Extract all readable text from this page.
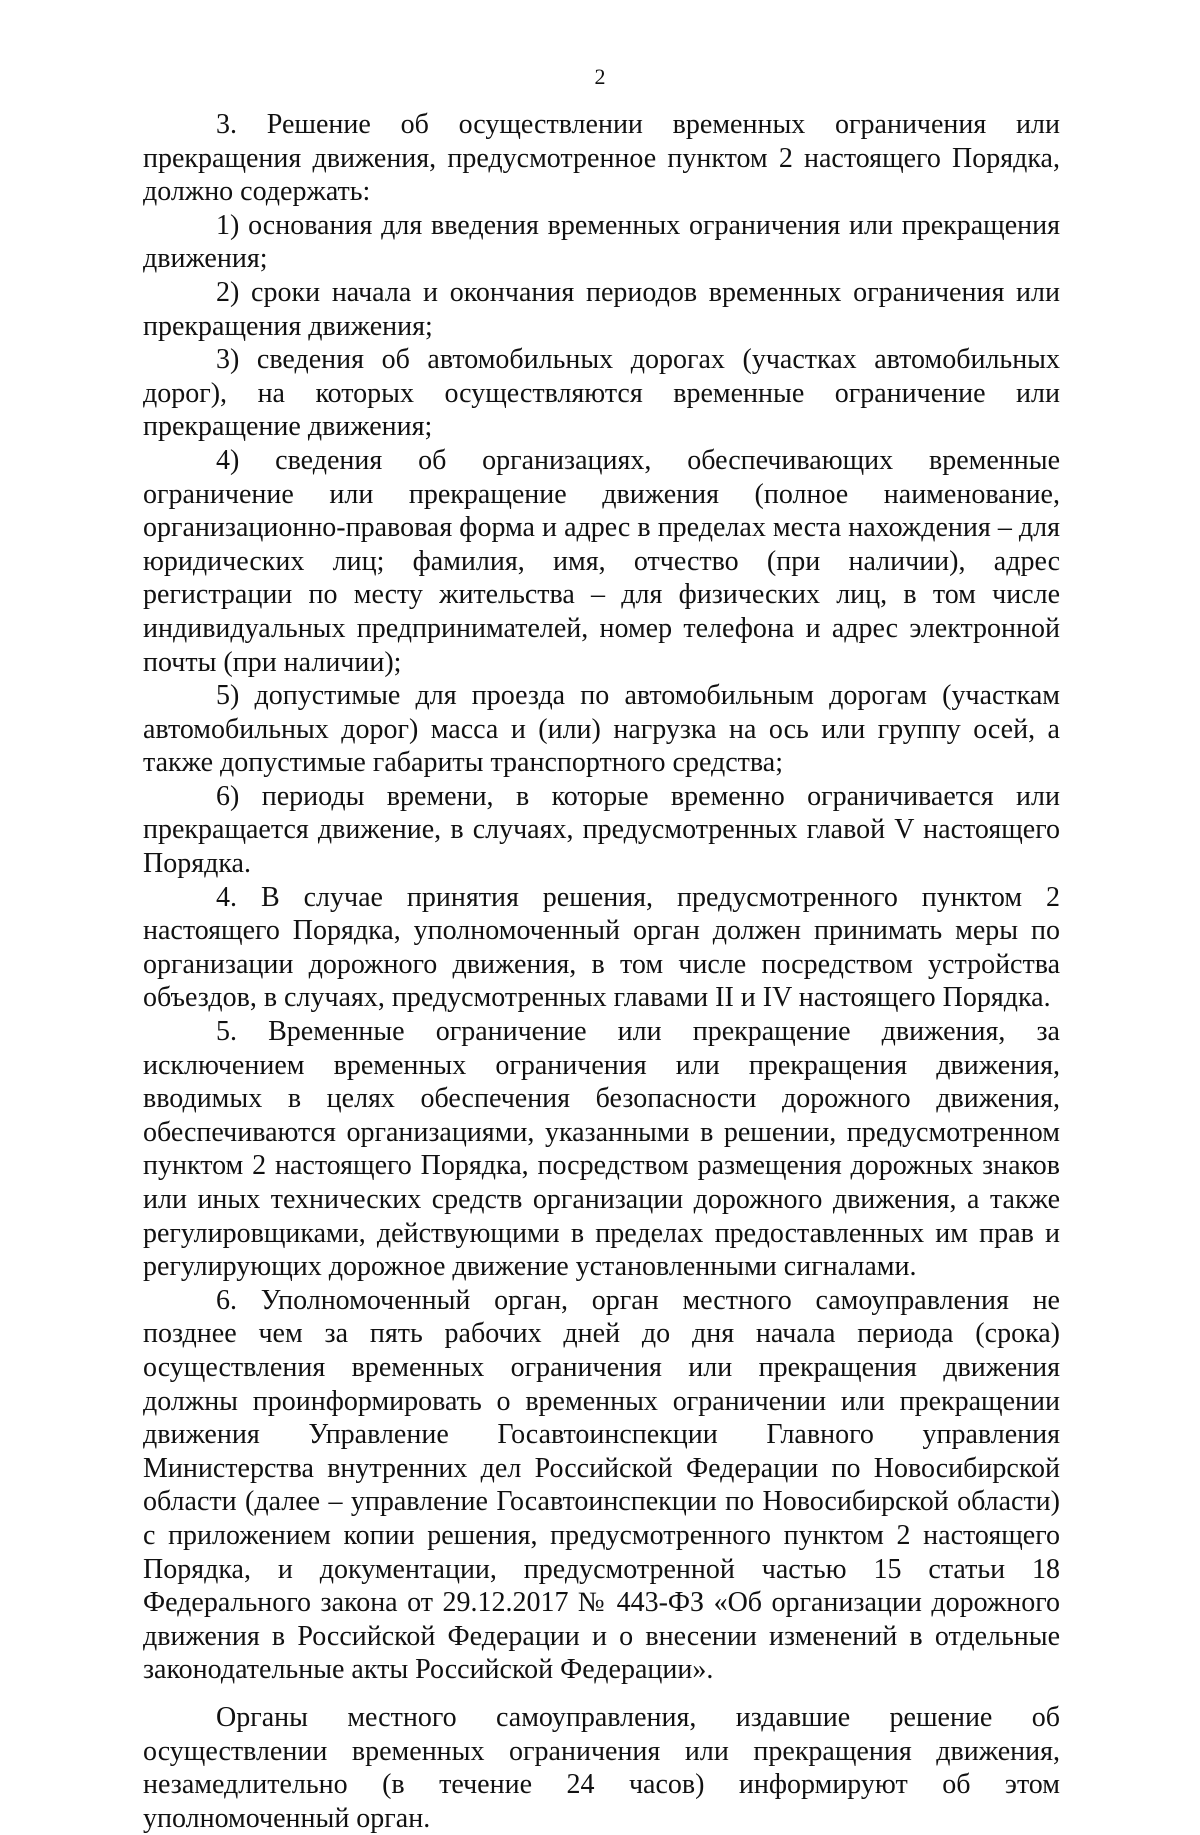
2

3. Решение об осуществлении временных ограничения или прекращения движения, предусмотренное пунктом 2 настоящего Порядка, должно содержать:

1) основания для введения временных ограничения или прекращения движения;

2) сроки начала и окончания периодов временных ограничения или прекращения движения;

3) сведения об автомобильных дорогах (участках автомобильных дорог), на которых осуществляются временные ограничение или прекращение движения;

4) сведения об организациях, обеспечивающих временные ограничение или прекращение движения (полное наименование, организационно-правовая форма и адрес в пределах места нахождения – для юридических лиц; фамилия, имя, отчество (при наличии), адрес регистрации по месту жительства – для физических лиц, в том числе индивидуальных предпринимателей, номер телефона и адрес электронной почты (при наличии);

5) допустимые для проезда по автомобильным дорогам (участкам автомобильных дорог) масса и (или) нагрузка на ось или группу осей, а также допустимые габариты транспортного средства;

6) периоды времени, в которые временно ограничивается или прекращается движение, в случаях, предусмотренных главой V настоящего Порядка.

4. В случае принятия решения, предусмотренного пунктом 2 настоящего Порядка, уполномоченный орган должен принимать меры по организации дорожного движения, в том числе посредством устройства объездов, в случаях, предусмотренных главами II и IV настоящего Порядка.

5. Временные ограничение или прекращение движения, за исключением временных ограничения или прекращения движения, вводимых в целях обеспечения безопасности дорожного движения, обеспечиваются организациями, указанными в решении, предусмотренном пунктом 2 настоящего Порядка, посредством размещения дорожных знаков или иных технических средств организации дорожного движения, а также регулировщиками, действующими в пределах предоставленных им прав и регулирующих дорожное движение установленными сигналами.

6. Уполномоченный орган, орган местного самоуправления не позднее чем за пять рабочих дней до дня начала периода (срока) осуществления временных ограничения или прекращения движения должны проинформировать о временных ограничении или прекращении движения Управление Госавтоинспекции Главного управления Министерства внутренних дел Российской Федерации по Новосибирской области (далее – управление Госавтоинспекции по Новосибирской области) с приложением копии решения, предусмотренного пунктом 2 настоящего Порядка, и документации, предусмотренной частью 15 статьи 18 Федерального закона от 29.12.2017 № 443-ФЗ «Об организации дорожного движения в Российской Федерации и о внесении изменений в отдельные законодательные акты Российской Федерации».

Органы местного самоуправления, издавшие решение об осуществлении временных ограничения или прекращения движения, незамедлительно (в течение 24 часов) информируют об этом уполномоченный орган.
